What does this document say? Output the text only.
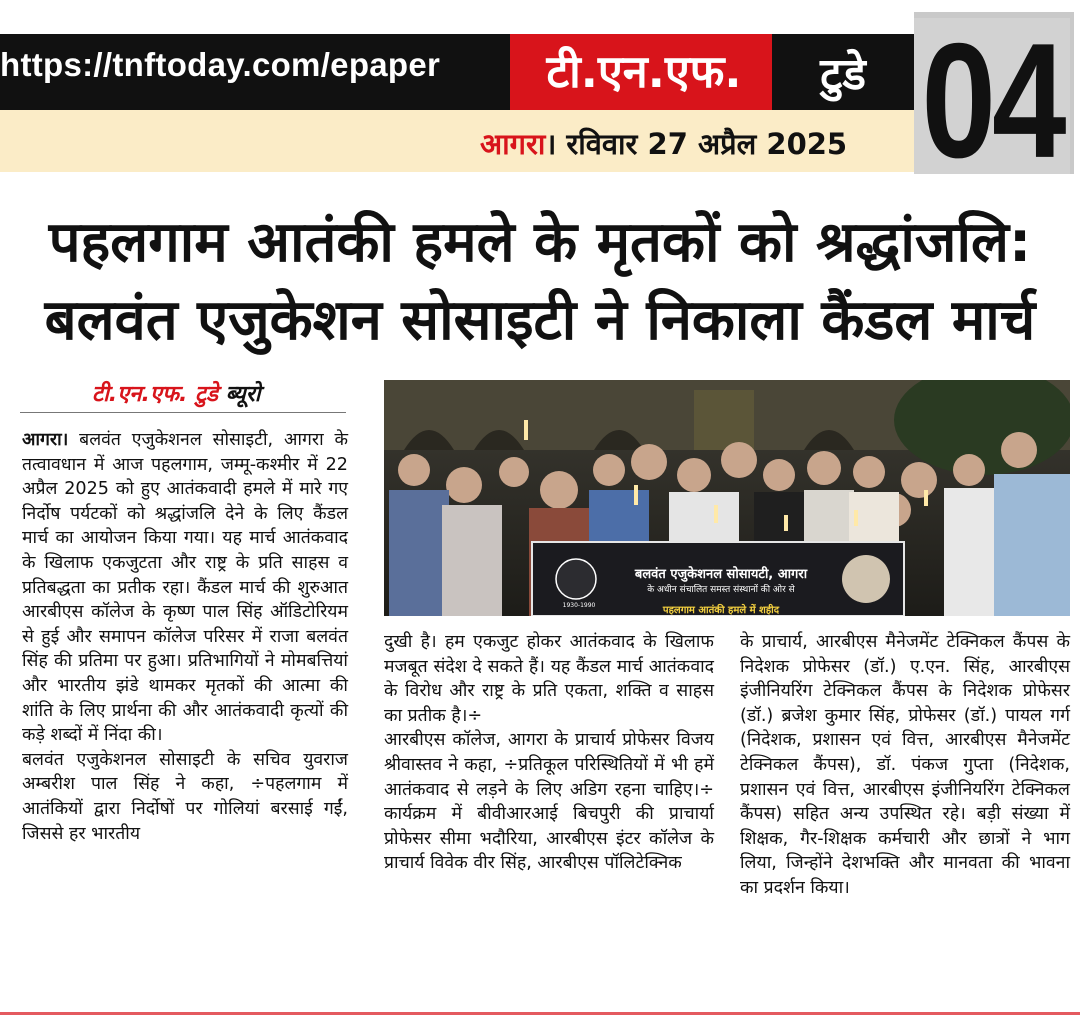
https://tnftoday.com/epaper	टी.एन.एफ.	टुडे
आगरा। रविवार 27 अप्रैल 2025 04
पहलगाम आतंकी हमले के मृतकों को श्रद्धांजलि:
बलवंत एजुकेशन सोसाइटी ने निकाला कैंडल मार्च
टी.एन.एफ. टुडे ब्यूरो
बलवंत एजुकेशनल सोसायटी, आगरा
के अधीन संचालित समस्त संस्थानों की ओर से
1930-1990	पहलगाम आतंकी हमले में शहीद

आगरा। बलवंत एजुकेशनल सोसाइटी, आगरा के तत्वावधान में आज पहलगाम, जम्मू-कश्मीर में 22 अप्रैल 2025 को हुए आतंकवादी हमले में मारे गए निर्दोष पर्यटकों को श्रद्धांजलि देने के लिए कैंडल मार्च का आयोजन किया गया। यह मार्च आतंकवाद के खिलाफ एकजुटता और राष्ट्र के प्रति साहस व प्रतिबद्धता का प्रतीक रहा। कैंडल मार्च की शुरुआत आरबीएस कॉलेज के कृष्ण पाल सिंह ऑडिटोरियम से हुई और समापन कॉलेज परिसर में राजा बलवंत सिंह की प्रतिमा पर हुआ। प्रतिभागियों ने मोमबत्तियां और भारतीय झंडे थामकर मृतकों की आत्मा की शांति के लिए प्रार्थना की और आतंकवादी कृत्यों की कड़े शब्दों में निंदा की।

बलवंत एजुकेशनल सोसाइटी के सचिव युवराज अम्बरीश पाल सिंह ने कहा, ÷पहलगाम में आतंकियों द्वारा निर्दोषों पर गोलियां बरसाई गईं, जिससे हर भारतीय

दुखी है। हम एकजुट होकर आतंकवाद के खिलाफ मजबूत संदेश दे सकते हैं। यह कैंडल मार्च आतंकवाद के विरोध और राष्ट्र के प्रति एकता, शक्ति व साहस का प्रतीक है।÷

आरबीएस कॉलेज, आगरा के प्राचार्य प्रोफेसर विजय श्रीवास्तव ने कहा, ÷प्रतिकूल परिस्थितियों में भी हमें आतंकवाद से लड़ने के लिए अडिग रहना चाहिए।÷ कार्यक्रम में बीवीआरआई बिचपुरी की प्राचार्या प्रोफेसर सीमा भदौरिया, आरबीएस इंटर कॉलेज के प्राचार्य विवेक वीर सिंह, आरबीएस पॉलिटेक्निक

के प्राचार्य, आरबीएस मैनेजमेंट टेक्निकल कैंपस के निदेशक प्रोफेसर (डॉ.) ए.एन. सिंह, आरबीएस इंजीनियरिंग टेक्निकल कैंपस के निदेशक प्रोफेसर (डॉ.) ब्रजेश कुमार सिंह, प्रोफेसर (डॉ.) पायल गर्ग (निदेशक, प्रशासन एवं वित्त, आरबीएस मैनेजमेंट टेक्निकल कैंपस), डॉ. पंकज गुप्ता (निदेशक, प्रशासन एवं वित्त, आरबीएस इंजीनियरिंग टेक्निकल कैंपस) सहित अन्य उपस्थित रहे। बड़ी संख्या में शिक्षक, गैर-शिक्षक कर्मचारी और छात्रों ने भाग लिया, जिन्होंने देशभक्ति और मानवता की भावना का प्रदर्शन किया।
